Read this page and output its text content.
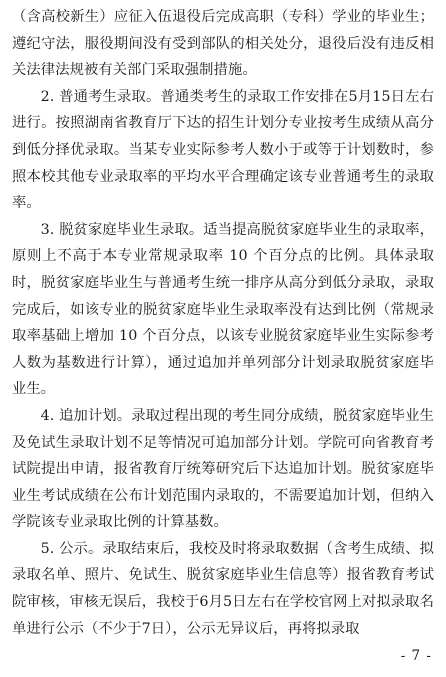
（含高校新生）应征入伍退役后完成高职（专科）学业的毕业生；遵纪守法，服役期间没有受到部队的相关处分，退役后没有违反相关法律法规被有关部门采取强制措施。

2. 普通考生录取。普通类考生的录取工作安排在5月15日左右进行。按照湖南省教育厅下达的招生计划分专业按考生成绩从高分到低分择优录取。当某专业实际参考人数小于或等于计划数时，参照本校其他专业录取率的平均水平合理确定该专业普通考生的录取率。

3. 脱贫家庭毕业生录取。适当提高脱贫家庭毕业生的录取率，原则上不高于本专业常规录取率 10 个百分点的比例。具体录取时，脱贫家庭毕业生与普通考生统一排序从高分到低分录取，录取完成后，如该专业的脱贫家庭毕业生录取率没有达到比例（常规录取率基础上增加 10 个百分点，以该专业脱贫家庭毕业生实际参考人数为基数进行计算），通过追加并单列部分计划录取脱贫家庭毕业生。

4. 追加计划。录取过程出现的考生同分成绩，脱贫家庭毕业生及免试生录取计划不足等情况可追加部分计划。学院可向省教育考试院提出申请，报省教育厅统筹研究后下达追加计划。脱贫家庭毕业生考试成绩在公布计划范围内录取的，不需要追加计划，但纳入学院该专业录取比例的计算基数。

5. 公示。录取结束后，我校及时将录取数据（含考生成绩、拟录取名单、照片、免试生、脱贫家庭毕业生信息等）报省教育考试院审核，审核无误后，我校于6月5日左右在学校官网上对拟录取名单进行公示（不少于7日），公示无异议后，再将拟录取

- 7 -
